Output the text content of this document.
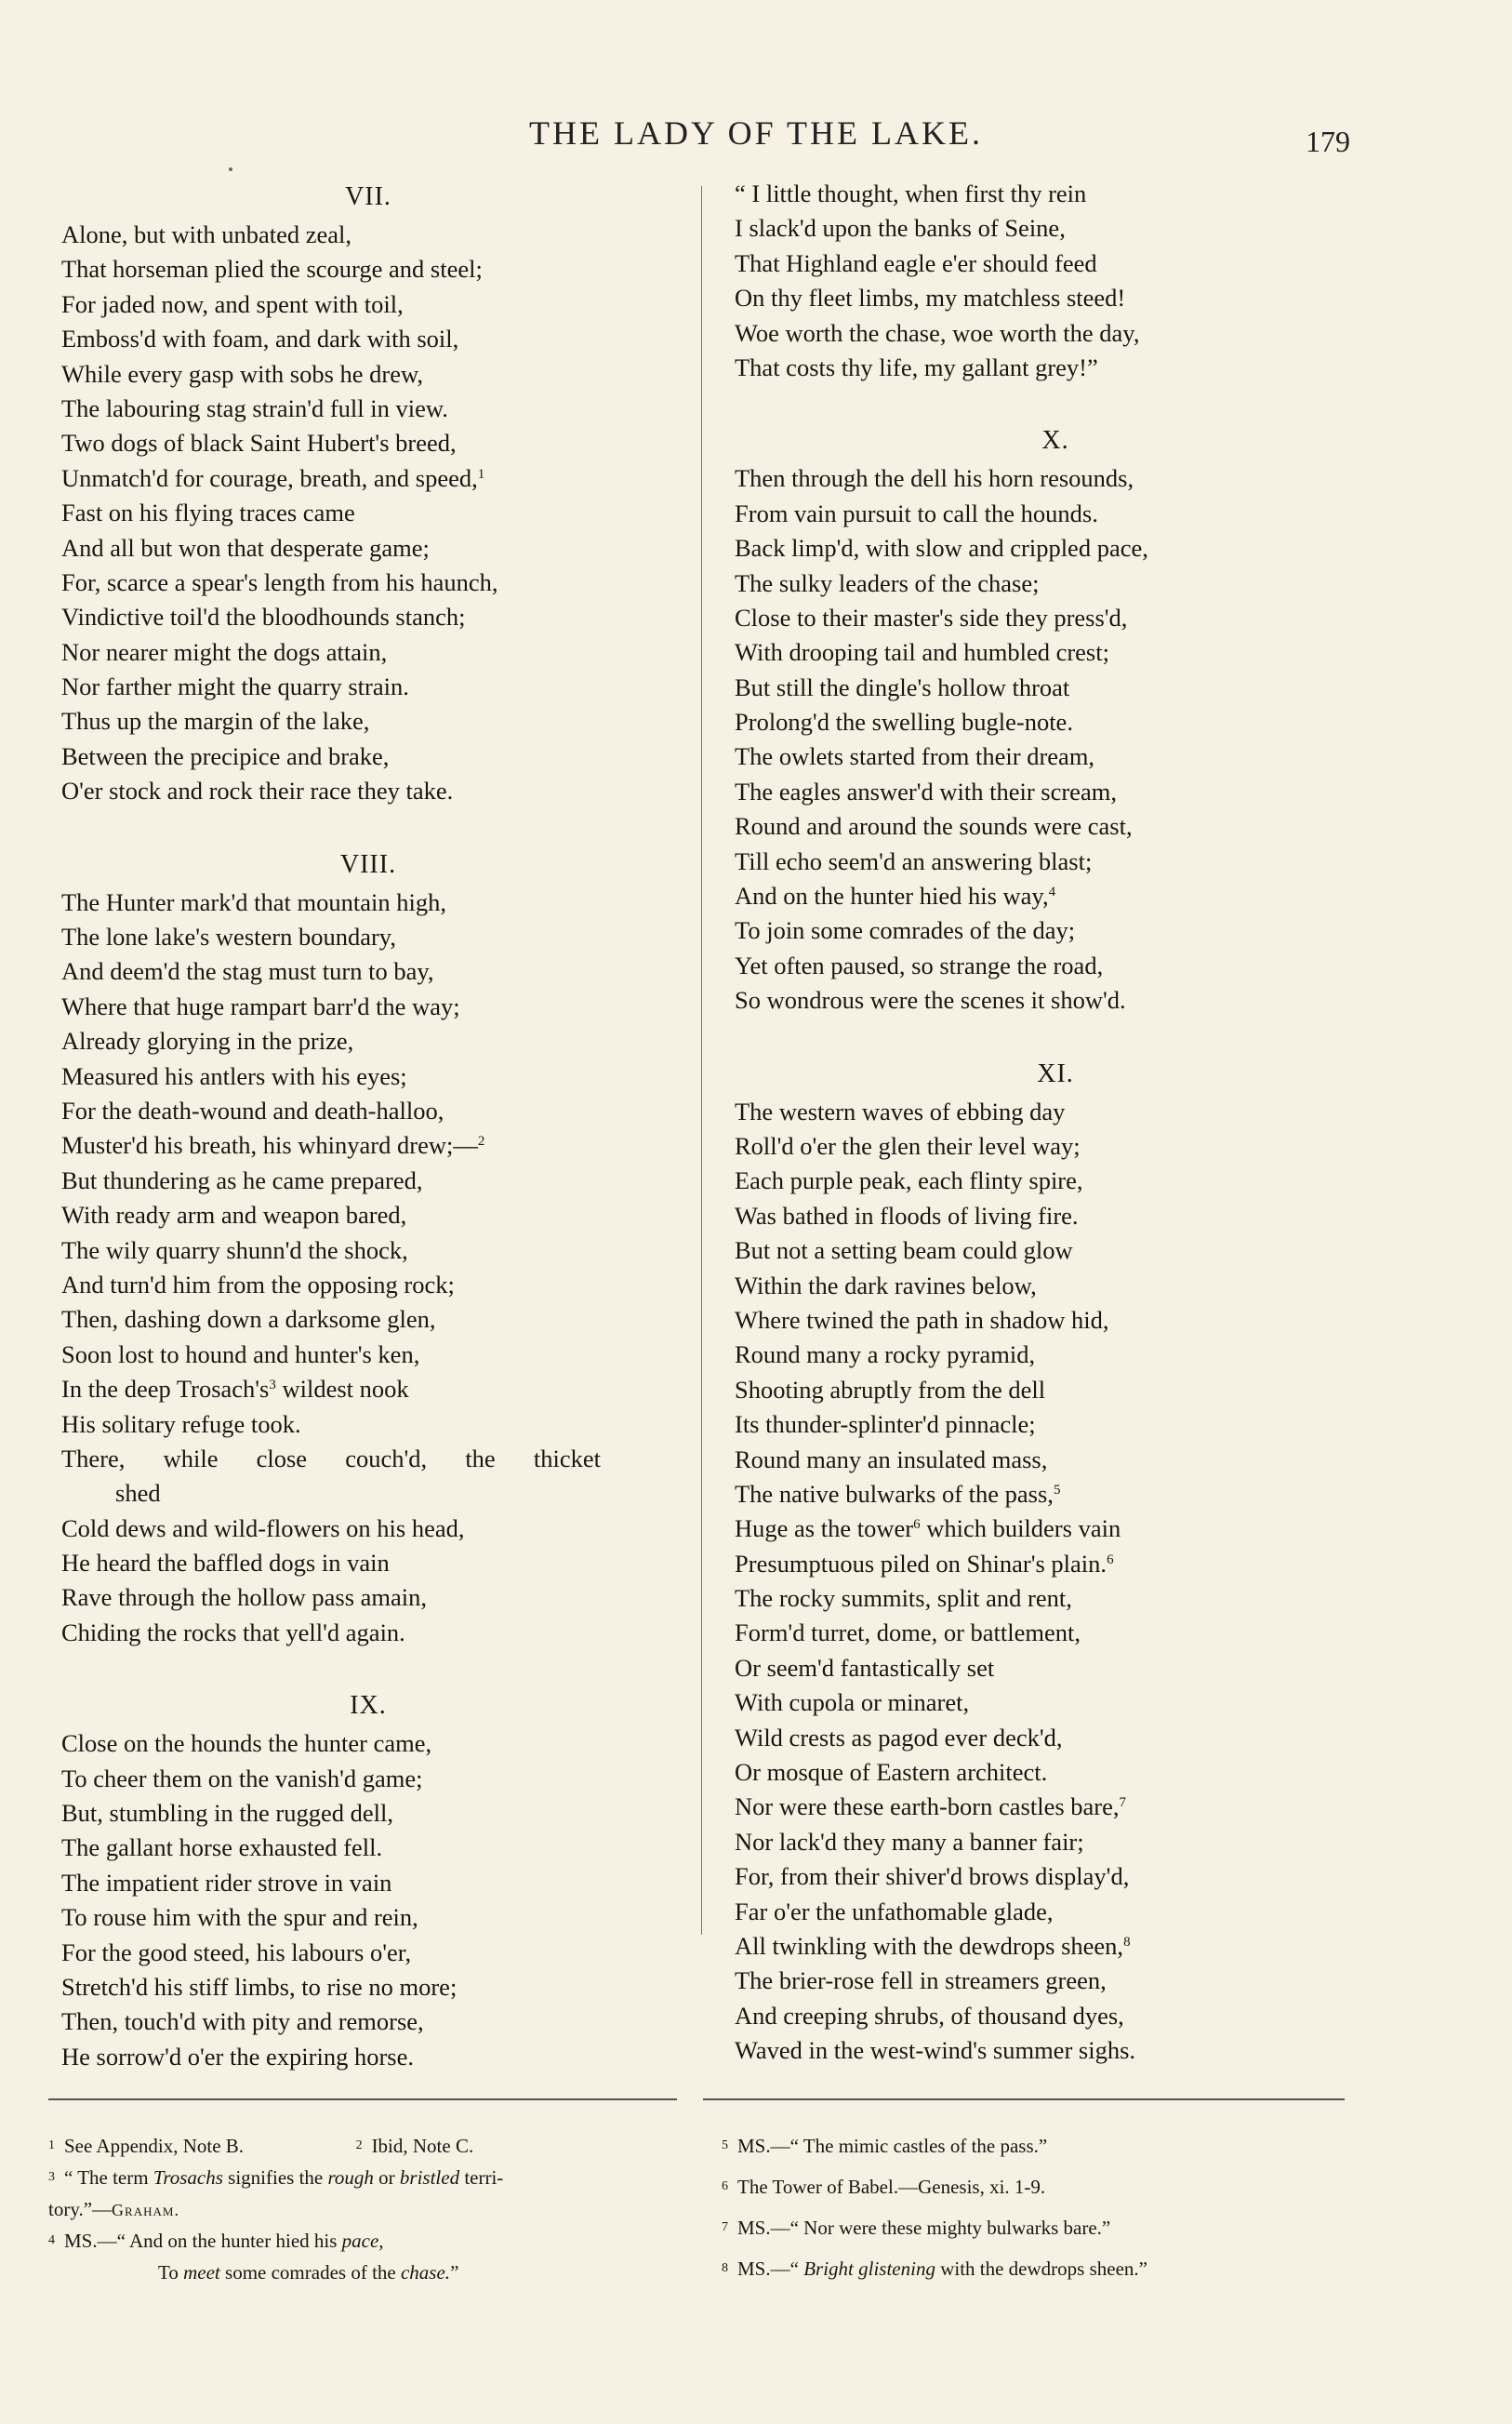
THE LADY OF THE LAKE.	179
VII.
Alone, but with unbated zeal,
That horseman plied the scourge and steel;
For jaded now, and spent with toil,
Emboss'd with foam, and dark with soil,
While every gasp with sobs he drew,
The labouring stag strain'd full in view.
Two dogs of black Saint Hubert's breed,
Unmatch'd for courage, breath, and speed,$^1$
Fast on his flying traces came
And all but won that desperate game;
For, scarce a spear's length from his haunch,
Vindictive toil'd the bloodhounds stanch;
Nor nearer might the dogs attain,
Nor farther might the quarry strain.
Thus up the margin of the lake,
Between the precipice and brake,
O'er stock and rock their race they take.
VIII.
The Hunter mark'd that mountain high,
The lone lake's western boundary,
And deem'd the stag must turn to bay,
Where that huge rampart barr'd the way;
Already glorying in the prize,
Measured his antlers with his eyes;
For the death-wound and death-halloo,
Muster'd his breath, his whinyard drew;—$^2$
But thundering as he came prepared,
With ready arm and weapon bared,
The wily quarry shunn'd the shock,
And turn'd him from the opposing rock;
Then, dashing down a darksome glen,
Soon lost to hound and hunter's ken,
In the deep $Trosach's^3$ wildest nook
His solitary refuge took.
There, while close couch'd, the thicket
shed
Cold dews and wild-flowers on his head,
He heard the baffled dogs in vain
Rave through the hollow pass amain,
Chiding the rocks that yell'd again.
IX.
Close on the hounds the hunter came,
To cheer them on the vanish'd game;
But, stumbling in the rugged dell,
The gallant horse exhausted fell.
The impatient rider strove in vain
To rouse him with the spur and rein,
For the good steed, his labours o'er,
Stretch'd his stiff limbs, to rise no more;
Then, touch'd with pity and remorse,
He sorrow'd o'er the expiring horse.
“ I little thought, when first thy rein
I slack'd upon the banks of Seine,
That Highland eagle e'er should feed
On thy fleet limbs, my matchless steed!
Woe worth the chase, woe worth the day,
That costs thy life, my gallant grey!”
X.
Then through the dell his horn resounds,
From vain pursuit to call the hounds.
Back limp'd, with slow and crippled pace,
The sulky leaders of the chase;
Close to their master's side they press'd,
With drooping tail and humbled crest;
But still the dingle's hollow throat
Prolong'd the swelling bugle-note.
The owlets started from their dream,
The eagles answer'd with their scream,
Round and around the sounds were cast,
Till echo seem'd an answering blast;
And on the hunter hied his way,$^4$
To join some comrades of the day;
Yet often paused, so strange the road,
So wondrous were the scenes it show'd.
XI.
The western waves of ebbing day
Roll'd o'er the glen their level way;
Each purple peak, each flinty spire,
Was bathed in floods of living fire.
But not a setting beam could glow
Within the dark ravines below,
Where twined the path in shadow hid,
Round many a rocky pyramid,
Shooting abruptly from the dell
Its thunder-splinter'd pinnacle;
Round many an insulated mass,
The native bulwarks of the pass,$^5$
Huge as the tower$^6$ which builders vain
Presumptuous piled on Shinar's plain.$^6$
The rocky summits, split and rent,
Form'd turret, dome, or battlement,
Or seem'd fantastically set
With cupola or minaret,
Wild crests as pagod ever deck'd,
Or mosque of Eastern architect.
Nor were these earth-born castles bare,$^7$
Nor lack'd they many a banner fair;
For, from their shiver'd brows display'd,
Far o'er the unfathomable glade,
All twinkling with the dewdrops sheen,$^8$
The brier-rose fell in streamers green,
And creeping shrubs, of thousand dyes,
Waved in the west-wind's summer sighs.
$^1$ See Appendix, Note B.	$^2$ Ibid, Note C.
$^3$ “ The term Trosachs signifies the rough or bristled terri-
tory.”—Graham.
$^4$ MS.—“ And on the hunter hied his pace,
To meet some comrades of the chase.”
$^5$ MS.—“ The mimic castles of the pass.”
$^6$ The Tower of Babel.—Genesis, xi. 1-9.
$^7$ MS.—“ Nor were these mighty bulwarks bare.”
$^8$ MS.—“ Bright glistening with the dewdrops sheen.”
